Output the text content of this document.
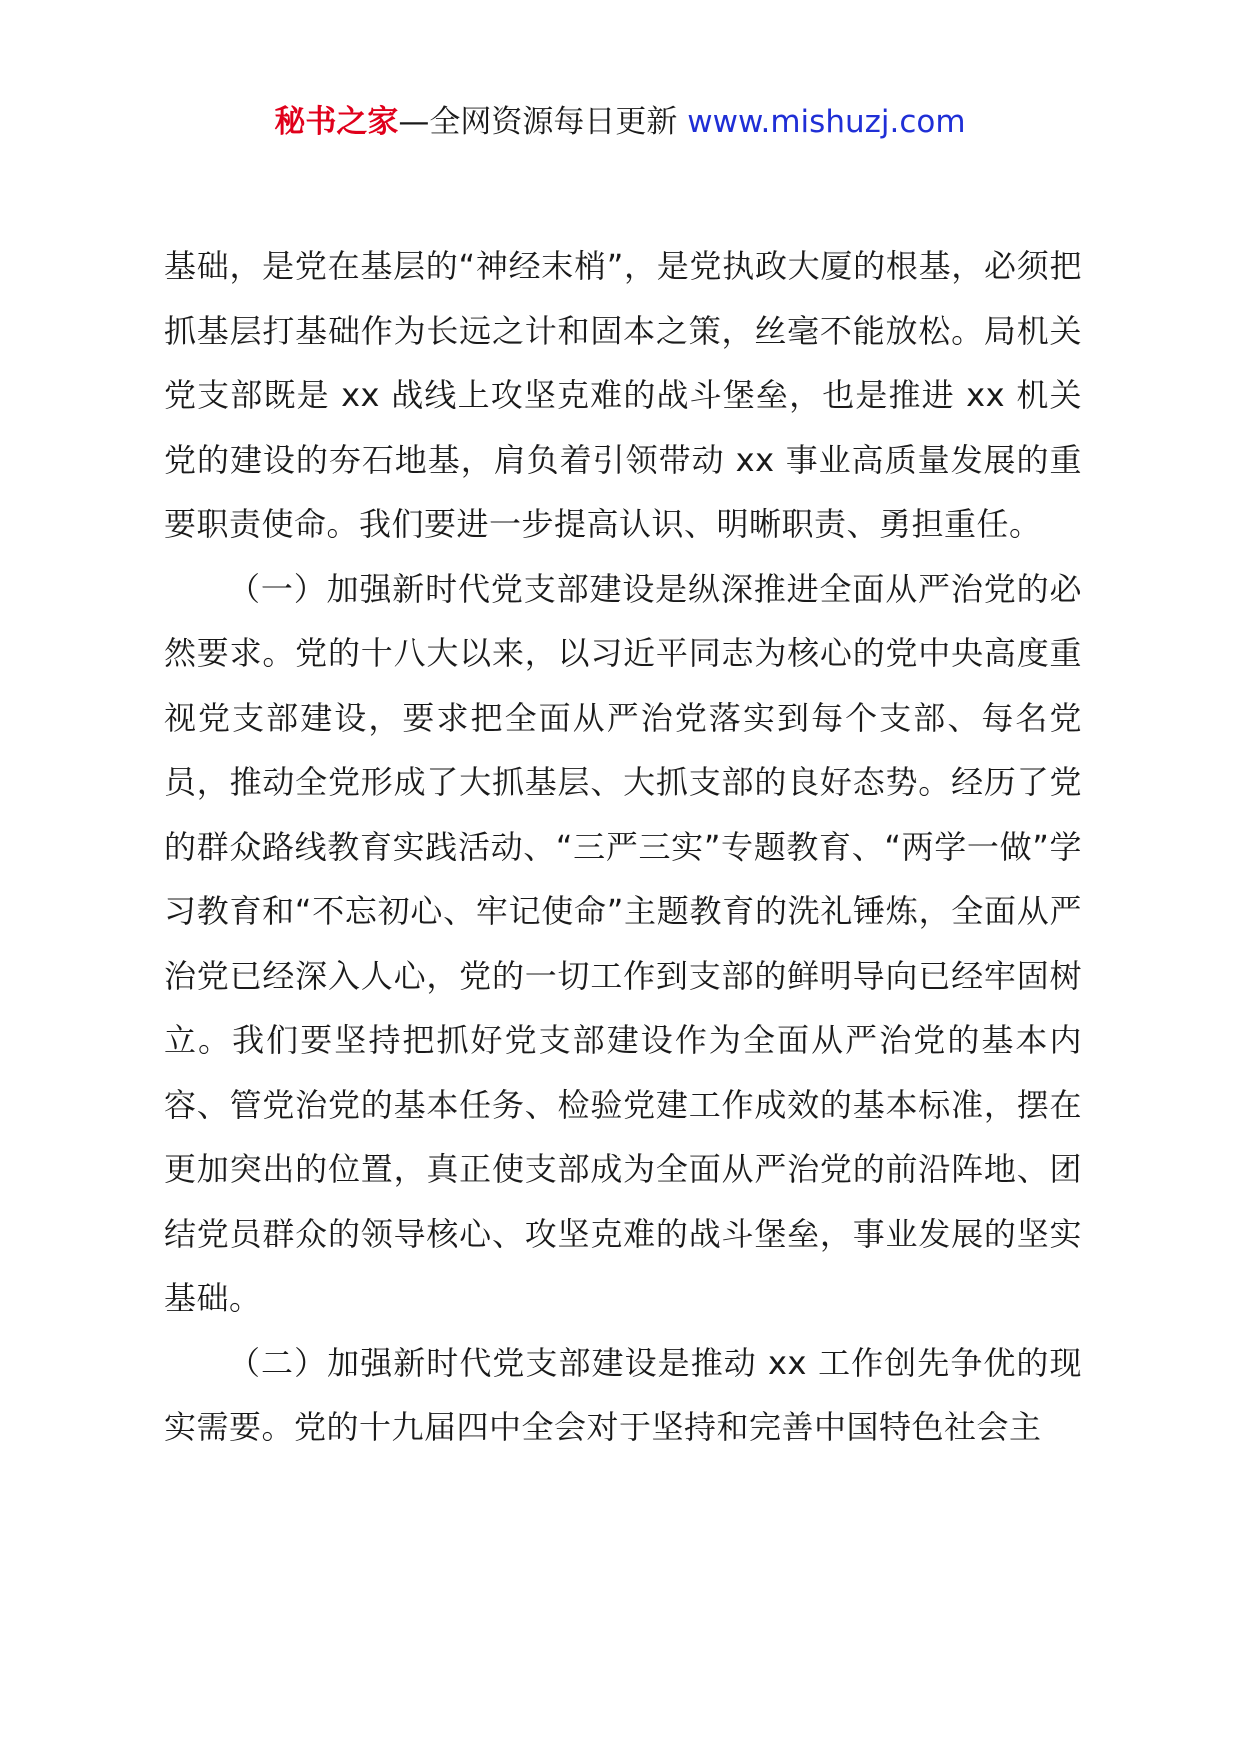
秘书之家—全网资源每日更新 www.mishuzj.com

基础，是党在基层的“神经末梢”，是党执政大厦的根基，必须把抓基层打基础作为长远之计和固本之策，丝毫不能放松。局机关党支部既是 xx 战线上攻坚克难的战斗堡垒，也是推进 xx 机关党的建设的夯石地基，肩负着引领带动 xx 事业高质量发展的重要职责使命。我们要进一步提高认识、明晰职责、勇担重任。

（一）加强新时代党支部建设是纵深推进全面从严治党的必然要求。党的十八大以来，以习近平同志为核心的党中央高度重视党支部建设，要求把全面从严治党落实到每个支部、每名党员，推动全党形成了大抓基层、大抓支部的良好态势。经历了党的群众路线教育实践活动、“三严三实”专题教育、“两学一做”学习教育和“不忘初心、牢记使命”主题教育的洗礼锤炼，全面从严治党已经深入人心，党的一切工作到支部的鲜明导向已经牢固树立。我们要坚持把抓好党支部建设作为全面从严治党的基本内容、管党治党的基本任务、检验党建工作成效的基本标准，摆在更加突出的位置，真正使支部成为全面从严治党的前沿阵地、团结党员群众的领导核心、攻坚克难的战斗堡垒，事业发展的坚实基础。

（二）加强新时代党支部建设是推动 xx 工作创先争优的现实需要。党的十九届四中全会对于坚持和完善中国特色社会主
